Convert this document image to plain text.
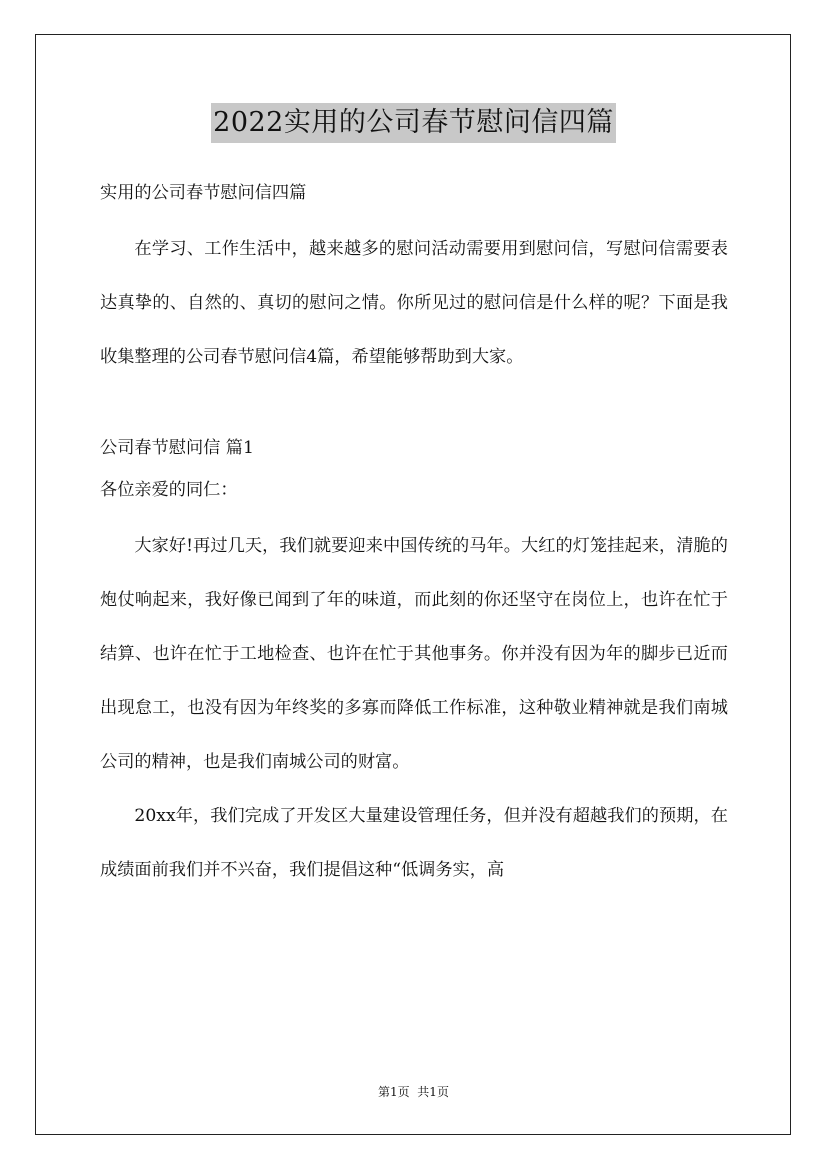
2022实用的公司春节慰问信四篇

实用的公司春节慰问信四篇

在学习、工作生活中，越来越多的慰问活动需要用到慰问信，写慰问信需要表达真挚的、自然的、真切的慰问之情。你所见过的慰问信是什么样的呢？下面是我收集整理的公司春节慰问信4篇，希望能够帮助到大家。

公司春节慰问信 篇1

各位亲爱的同仁：

大家好!再过几天，我们就要迎来中国传统的马年。大红的灯笼挂起来，清脆的炮仗响起来，我好像已闻到了年的味道，而此刻的你还坚守在岗位上，也许在忙于结算、也许在忙于工地检查、也许在忙于其他事务。你并没有因为年的脚步已近而出现怠工，也没有因为年终奖的多寡而降低工作标准，这种敬业精神就是我们南城公司的精神，也是我们南城公司的财富。

20xx年，我们完成了开发区大量建设管理任务，但并没有超越我们的预期，在成绩面前我们并不兴奋，我们提倡这种“低调务实，高

第1页  共1页
